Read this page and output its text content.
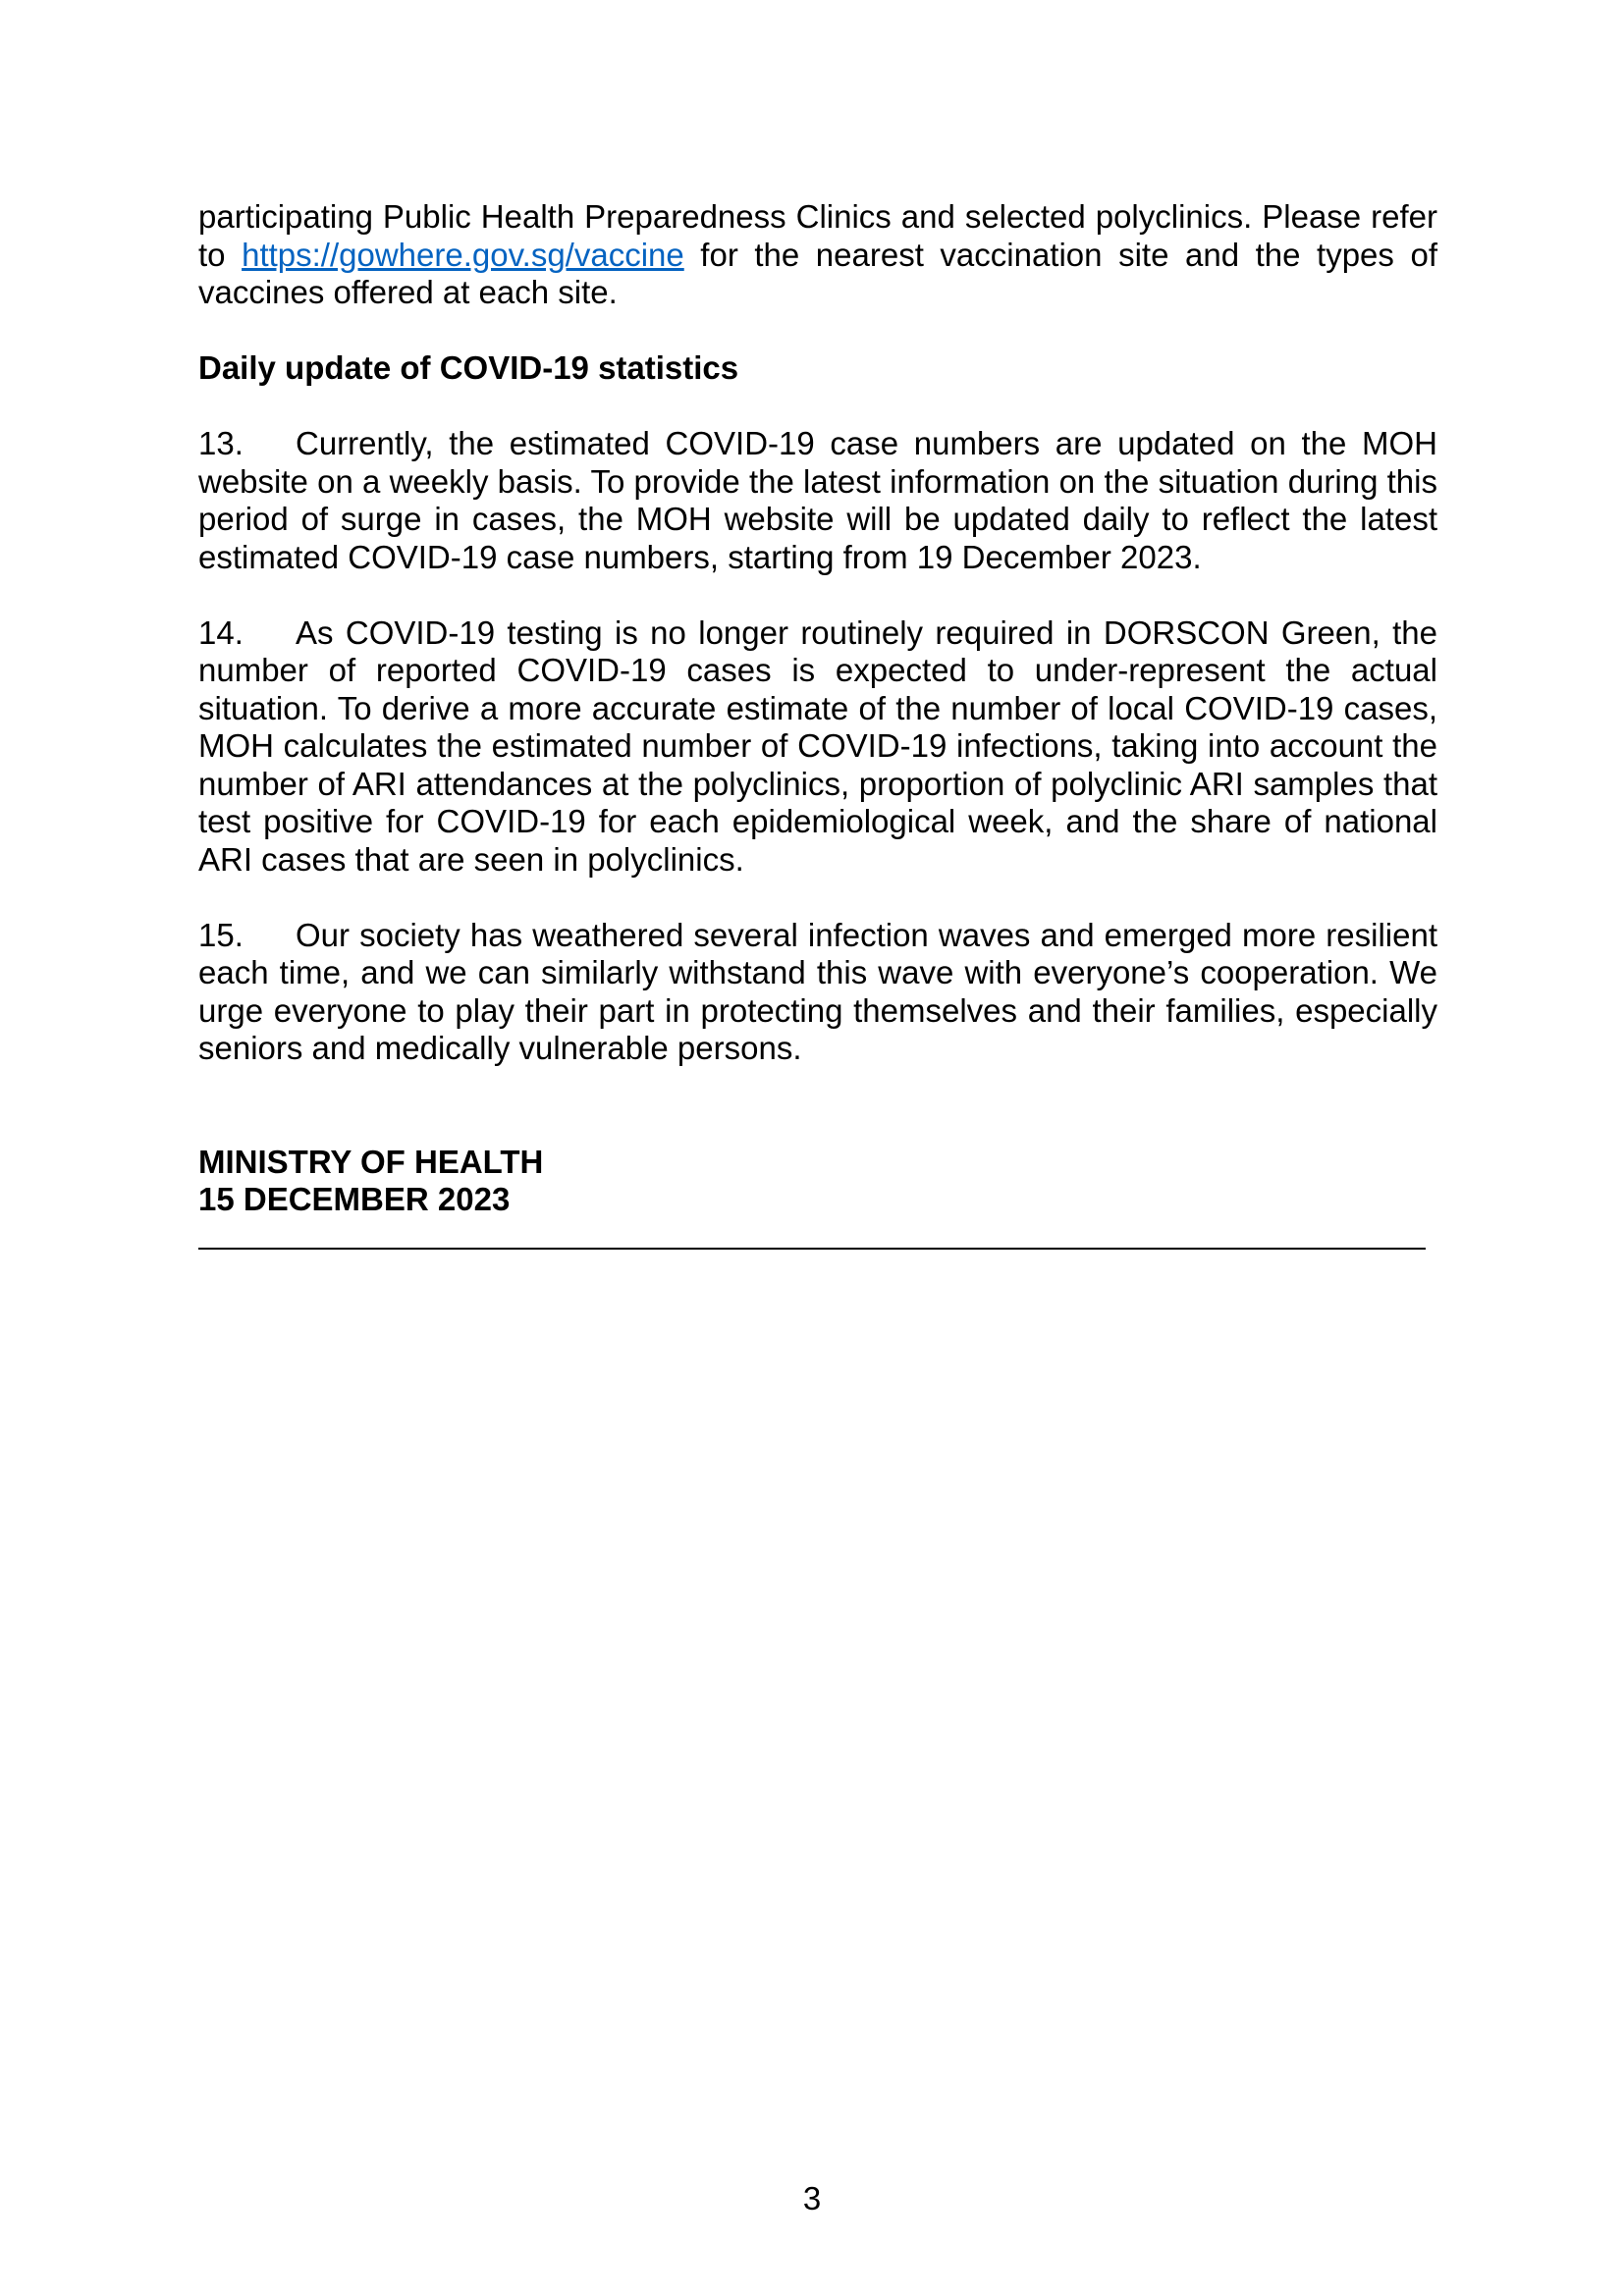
participating Public Health Preparedness Clinics and selected polyclinics. Please refer to https://gowhere.gov.sg/vaccine for the nearest vaccination site and the types of vaccines offered at each site.

Daily update of COVID-19 statistics

13. Currently, the estimated COVID-19 case numbers are updated on the MOH website on a weekly basis. To provide the latest information on the situation during this period of surge in cases, the MOH website will be updated daily to reflect the latest estimated COVID-19 case numbers, starting from 19 December 2023.

14. As COVID-19 testing is no longer routinely required in DORSCON Green, the number of reported COVID-19 cases is expected to under-represent the actual situation. To derive a more accurate estimate of the number of local COVID-19 cases, MOH calculates the estimated number of COVID-19 infections, taking into account the number of ARI attendances at the polyclinics, proportion of polyclinic ARI samples that test positive for COVID-19 for each epidemiological week, and the share of national ARI cases that are seen in polyclinics.

15. Our society has weathered several infection waves and emerged more resilient each time, and we can similarly withstand this wave with everyone’s cooperation. We urge everyone to play their part in protecting themselves and their families, especially seniors and medically vulnerable persons.

MINISTRY OF HEALTH

15 DECEMBER 2023

3
